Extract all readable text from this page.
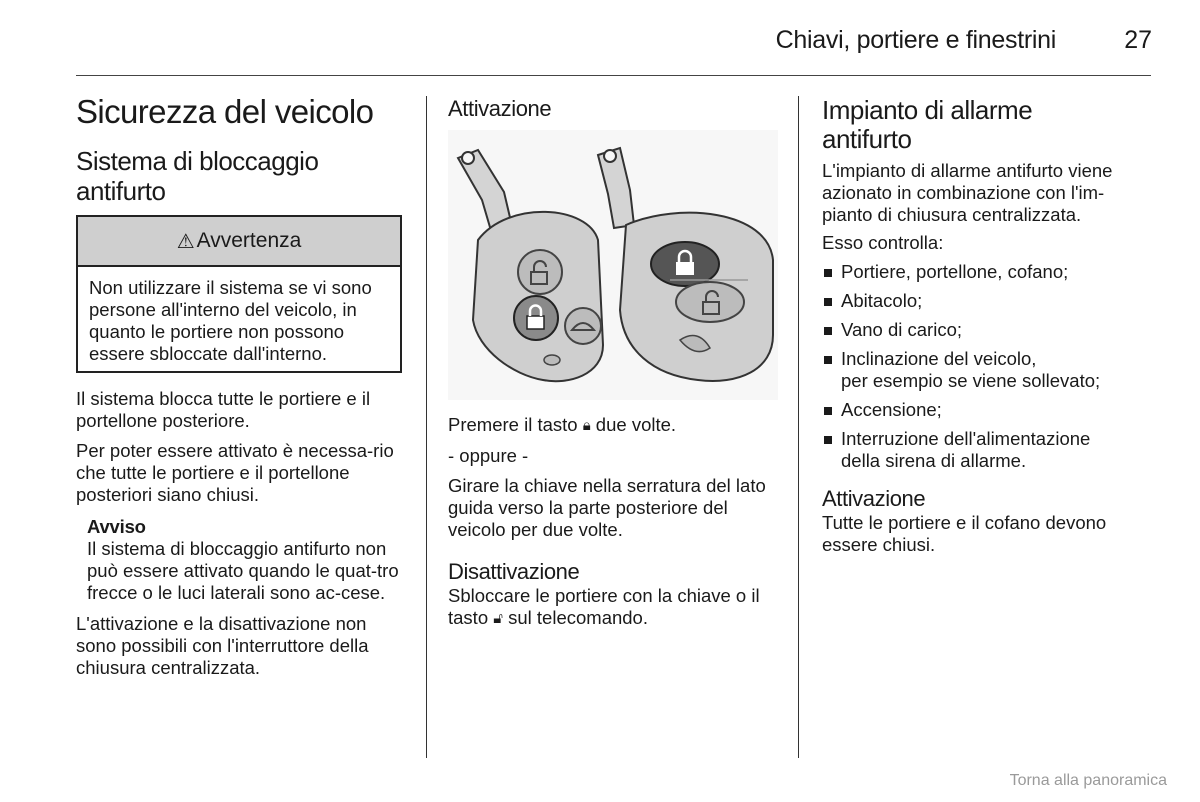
Chiavi, portiere e finestrini	27
Sicurezza del veicolo
Sistema di bloccaggio
antifurto
⚠ Avvertenza
Non utilizzare il sistema se vi sono persone all'interno del veicolo, in quanto le portiere non possono essere sbloccate dall'interno.

Il sistema blocca tutte le portiere e il portellone posteriore.

Per poter essere attivato è necessa-rio che tutte le portiere e il portellone posteriori siano chiusi.

Avviso

Il sistema di bloccaggio antifurto non può essere attivato quando le quat-tro frecce o le luci laterali sono ac-cese.

L'attivazione e la disattivazione non sono possibili con l'interruttore della chiusura centralizzata.

Attivazione

Premere il tasto 🔒︎ due volte.

- oppure -

Girare la chiave nella serratura del lato guida verso la parte posteriore del veicolo per due volte.

Disattivazione

Sbloccare le portiere con la chiave o il tasto 🔓︎ sul telecomando.

Impianto di allarme
antifurto

L'impianto di allarme antifurto viene azionato in combinazione con l'im-pianto di chiusura centralizzata.

Esso controlla:

Portiere, portellone, cofano;
Abitacolo;
Vano di carico;
Inclinazione del veicolo,
per esempio se viene sollevato;
Accensione;
Interruzione dell'alimentazione
della sirena di allarme.
Attivazione

Tutte le portiere e il cofano devono essere chiusi.

Torna alla panoramica
